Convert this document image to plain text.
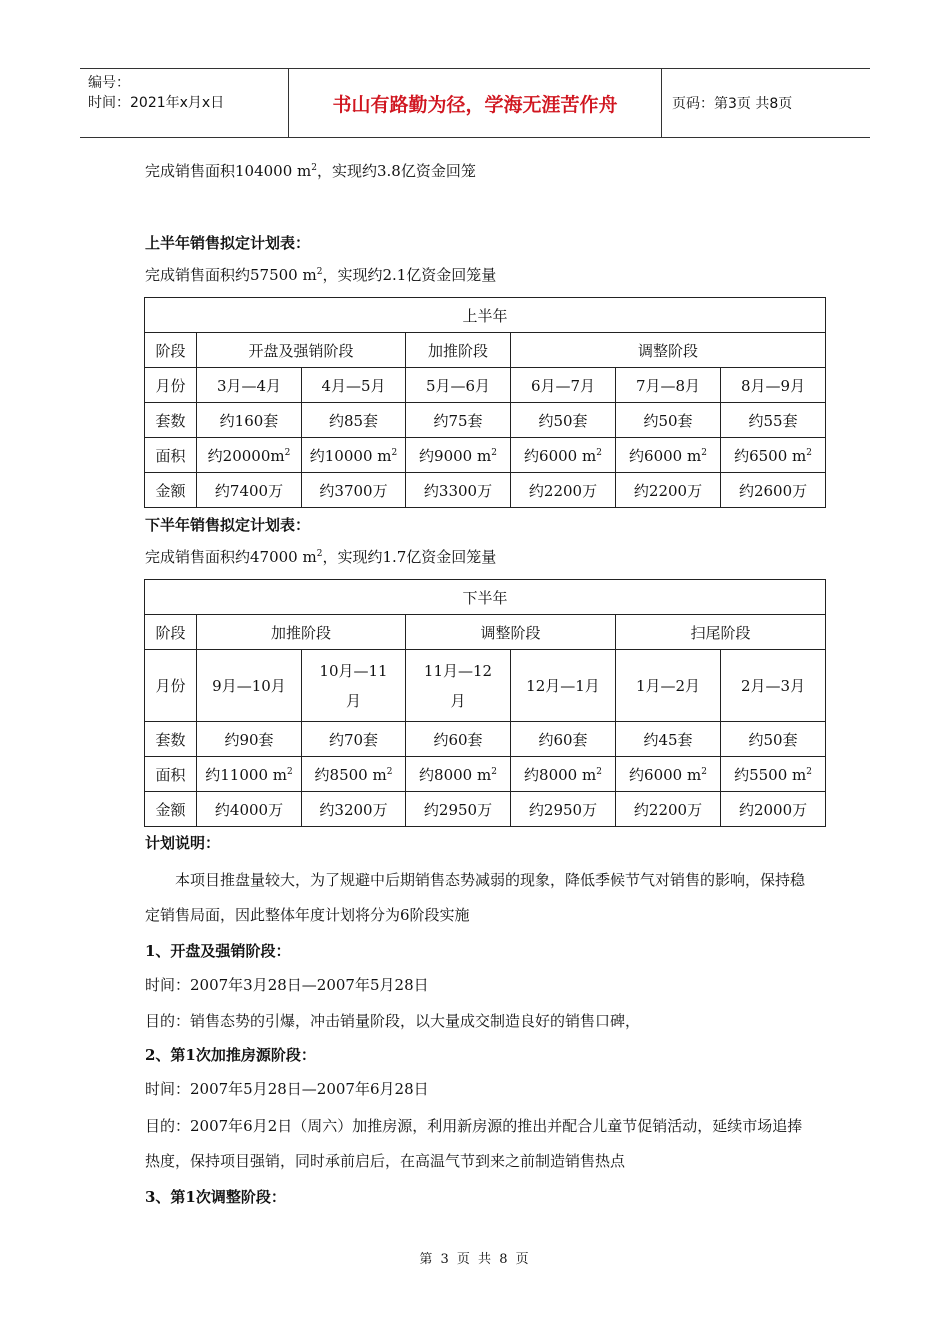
编号：
时间：2021年x月x日	书山有路勤为径，学海无涯苦作舟	页码：第3页 共8页
完成销售面积104000 $m^2$，实现约3.8亿资金回笼
上半年销售拟定计划表：
完成销售面积约57500 $m^2$，实现约2.1亿资金回笼量
上半年						
阶段	开盘及强销阶段		加推阶段	调整阶段		
月份	3月—4月	4月—5月	5月—6月	6月—7月	7月—8月	8月—9月
套数	约160套	约85套	约75套	约50套	约50套	约55套
面积	约$20000m^2$	约10000 $m^2$	约9000 $m^2$	约6000 $m^2$	约6000 $m^2$	约6500 $m^2$
金额	约7400万	约3700万	约3300万	约2200万	约2200万	约2600万
下半年销售拟定计划表：
完成销售面积约47000 $m^2$，实现约1.7亿资金回笼量
下半年						
阶段	加推阶段		调整阶段		扫尾阶段	
月份	9月—10月	10月—11月	11月—12月	12月—1月	1月—2月	2月—3月
套数	约90套	约70套	约60套	约60套	约45套	约50套
面积	约11000 $m^2$	约8500 $m^2$	约8000 $m^2$	约8000 $m^2$	约6000 $m^2$	约5500 $m^2$
金额	约4000万	约3200万	约2950万	约2950万	约2200万	约2000万
计划说明：
本项目推盘量较大，为了规避中后期销售态势减弱的现象，降低季候节气对销售的影响，保持稳定销售局面，因此整体年度计划将分为6阶段实施
1、开盘及强销阶段：
时间：2007年3月28日—2007年5月28日
目的：销售态势的引爆，冲击销量阶段，以大量成交制造良好的销售口碑，
2、第1次加推房源阶段：
时间：2007年5月28日—2007年6月28日
目的：2007年6月2日（周六）加推房源，利用新房源的推出并配合儿童节促销活动，延续市场追捧热度，保持项目强销，同时承前启后，在高温气节到来之前制造销售热点
3、第1次调整阶段：
第 3 页 共 8 页
